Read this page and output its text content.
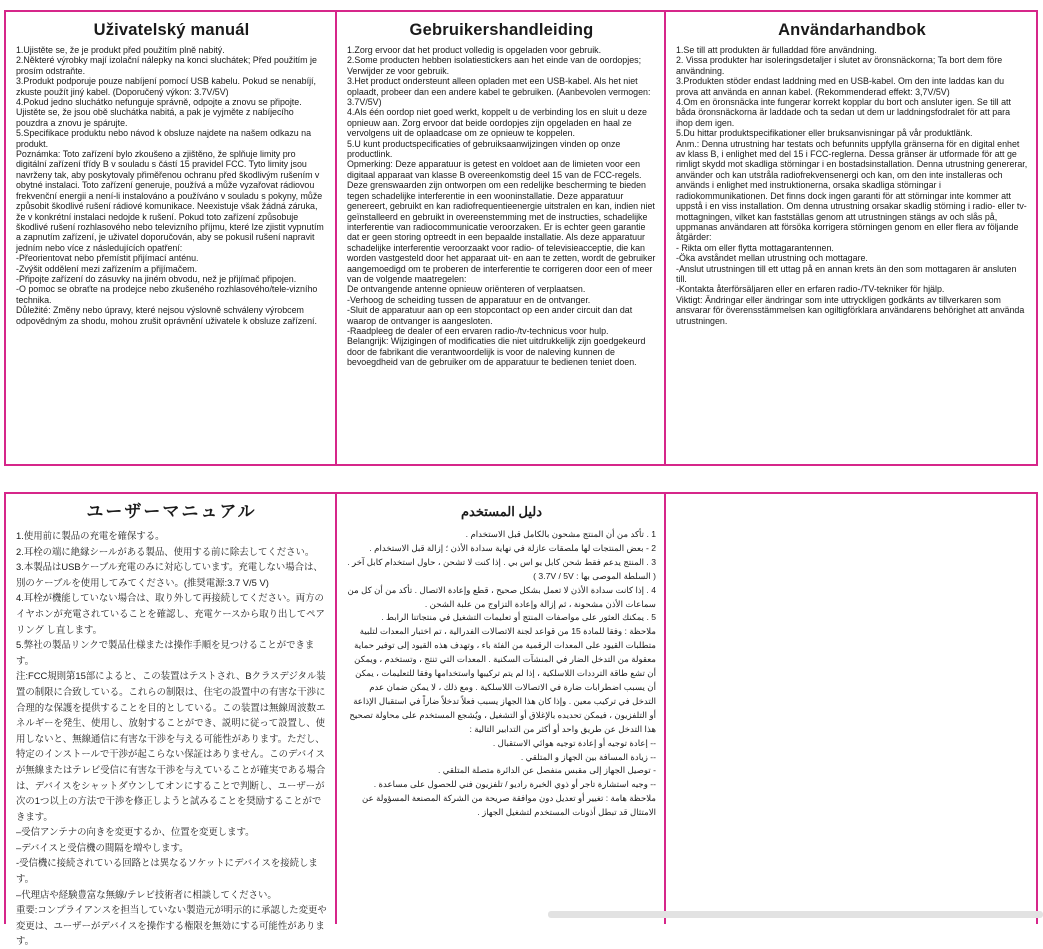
Uživatelský manuál

1.Ujistěte se, že je produkt před použitím plně nabitý.

2.Některé výrobky mají izolační nálepky na konci sluchátek; Před použitím je prosím odstraňte.

3.Produkt podporuje pouze nabíjení pomocí USB kabelu. Pokud se nenabíjí, zkuste použít jiný kabel. (Doporučený výkon: 3.7V/5V)

4.Pokud jedno sluchátko nefunguje správně, odpojte a znovu se připojte. Ujistěte se, že jsou obě sluchátka nabitá, a pak je vyjměte z nabíjecího pouzdra a znovu je spárujte.

5.Specifikace produktu nebo návod k obsluze najdete na našem odkazu na produkt.

Poznámka: Toto zařízení bylo zkoušeno a zjištěno, že splňuje limity pro digitální zařízení třídy B v souladu s částí 15 pravidel FCC. Tyto limity jsou navrženy tak, aby poskytovaly přiměřenou ochranu před škodlivým rušením v obytné instalaci. Toto zařízení generuje, používá a může vyzařovat rádiovou frekvenční energii a není-li instalováno a používáno v souladu s pokyny, může způsobit škodlivé rušení rádiové komunikace. Neexistuje však žádná záruka, že v konkrétní instalaci nedojde k rušení. Pokud toto zařízení způsobuje škodlivé rušení rozhlasového nebo televizního příjmu, které lze zjistit vypnutím a zapnutím zařízení, je uživatel doporučován, aby se pokusil rušení napravit jedním nebo více z následujících opatření:

-Přeorientovat nebo přemístit přijímací anténu.

-Zvýšit oddělení mezi zařízením a přijímačem.

-Připojte zařízení do zásuvky na jiném obvodu, než je přijímač připojen.

-O pomoc se obraťte na prodejce nebo zkušeného rozhlasového/tele-vizního technika.

Důležité: Změny nebo úpravy, které nejsou výslovně schváleny výrobcem odpovědným za shodu, mohou zrušit oprávnění uživatele k obsluze zařízení.

Gebruikershandleiding

1.Zorg ervoor dat het product volledig is opgeladen voor gebruik.

2.Some producten hebben isolatiestickers aan het einde van de oordopjes; Verwijder ze voor gebruik.

3.Het product ondersteunt alleen opladen met een USB-kabel. Als het niet oplaadt, probeer dan een andere kabel te gebruiken. (Aanbevolen vermogen: 3.7V/5V)

4.Als één oordop niet goed werkt, koppelt u de verbinding los en sluit u deze opnieuw aan. Zorg ervoor dat beide oordopjes zijn opgeladen en haal ze vervolgens uit de oplaadcase om ze opnieuw te koppelen.

5.U kunt productspecificaties of gebruiksaanwijzingen vinden op onze productlink.

Opmerking: Deze apparatuur is getest en voldoet aan de limieten voor een digitaal apparaat van klasse B overeenkomstig deel 15 van de FCC-regels. Deze grenswaarden zijn ontworpen om een redelijke bescherming te bieden tegen schadelijke interferentie in een wooninstallatie. Deze apparatuur genereert, gebruikt en kan radiofrequentieenergie uitstralen en kan, indien niet geïnstalleerd en gebruikt in overeenstemming met de instructies, schadelijke interferentie van radiocommunicatie veroorzaken. Er is echter geen garantie dat er geen storing optreedt in een bepaalde installatie. Als deze apparatuur schadelijke interferentie veroorzaakt voor radio- of televisieacceptie, die kan worden vastgesteld door het apparaat uit- en aan te zetten, wordt de gebruiker aangemoedigd om te proberen de interferentie te corrigeren door een of meer van de volgende maatregelen:

De ontvangende antenne opnieuw oriënteren of verplaatsen.

-Verhoog de scheiding tussen de apparatuur en de ontvanger.

-Sluit de apparatuur aan op een stopcontact op een ander circuit dan dat waarop de ontvanger is aangesloten.

-Raadpleeg de dealer of een ervaren radio-/tv-technicus voor hulp.

Belangrijk: Wijzigingen of modificaties die niet uitdrukkelijk zijn goedgekeurd door de fabrikant die verantwoordelijk is voor de naleving kunnen de bevoegdheid van de gebruiker om de apparatuur te bedienen teniet doen.

Användarhandbok

1.Se till att produkten är fulladdad före användning.

2. Vissa produkter har isoleringsdetaljer i slutet av öronsnäckorna; Ta bort dem före användning.

3.Produkten stöder endast laddning med en USB-kabel. Om den inte laddas kan du prova att använda en annan kabel. (Rekommenderad effekt: 3,7V/5V)

4.Om en öronsnäcka inte fungerar korrekt kopplar du bort och ansluter igen. Se till att båda öronsnäckorna är laddade och ta sedan ut dem ur laddningsfodralet för att para ihop dem igen.

5.Du hittar produktspecifikationer eller bruksanvisningar på vår produktlänk.

Anm.: Denna utrustning har testats och befunnits uppfylla gränserna för en digital enhet av klass B, i enlighet med del 15 i FCC-reglerna. Dessa gränser är utformade för att ge rimligt skydd mot skadliga störningar i en bostadsinstallation. Denna utrustning genererar, använder och kan utstråla radiofrekvensenergi och kan, om den inte installeras och används i enlighet med instruktionerna, orsaka skadliga störningar i radiokommunikationen. Det finns dock ingen garanti för att störningar inte kommer att uppstå i en viss installation. Om denna utrustning orsakar skadlig störning i radio- eller tv-mottagningen, vilket kan fastställas genom att utrustningen stängs av och slås på, uppmanas användaren att försöka korrigera störningen genom en eller flera av följande åtgärder:

- Rikta om eller flytta mottagarantennen.

-Öka avståndet mellan utrustning och mottagare.

-Anslut utrustningen till ett uttag på en annan krets än den som mottagaren är ansluten till.

-Kontakta återförsäljaren eller en erfaren radio-/TV-tekniker för hjälp.

Viktigt: Ändringar eller ändringar som inte uttryckligen godkänts av tillverkaren som ansvarar för överensstämmelsen kan ogiltigförklara användarens behörighet att använda utrustningen.

ユーザーマニュアル

1.使用前に製品の充電を確保する。

2.耳栓の端に絶縁シールがある製品、使用する前に除去してください。

3.本製品はUSBケーブル充電のみに対応しています。充電しない場合は、別のケーブルを使用してみてください。(推奨電源:3.7 V/5 V)

4.耳栓が機能していない場合は、取り外して再接続してください。両方のイヤホンが充電されていることを確認し、充電ケースから取り出してペアリング し直します。

5.弊社の製品リンクで製品仕様または操作手順を見つけることができます。

注:FCC規則第15部によると、この装置はテストされ、Bクラスデジタル装置の制限に合致している。これらの制限は、住宅の設置中の有害な干渉に合理的な保護を提供することを目的としている。この装置は無線周波数エネルギーを発生、使用し、放射することができ、説明に従って設置し、使用しないと、無線通信に有害な干渉を与える可能性があります。ただし、特定のインストールで干渉が起こらない保証はありません。このデバイスが無線またはテレビ受信に有害な干渉を与えていることが確実である場合は、デバイスをシャットダウンしてオンにすることで判断し、ユーザーが次の1つ以上の方法で干渉を修正しようと試みることを奨励することができます。

–受信アンテナの向きを変更するか、位置を変更します。

–デバイスと受信機の間隔を増やします。

-受信機に接続されている回路とは異なるソケットにデバイスを接続します。

–代理店や経験豊富な無線/テレビ技術者に相談してください。

重要:コンプライアンスを担当していない製造元が明示的に承認した変更や変更は、ユーザーがデバイスを操作する権限を無効にする可能性があります。

دليل المستخدم

1 . تأكد من أن المنتج مشحون بالكامل قبل الاستخدام .

2 - بعض المنتجات لها ملصقات عازلة في نهاية سدادة الأذن ؛ إزالة قبل الاستخدام .

3 . المنتج يدعم فقط شحن كابل يو اس بي . إذا كنت لا تشحن ، حاول استخدام كابل آخر . ( السلطة الموصى بها : 3.7V / 5V )

4 . إذا كانت سدادة الأذن لا تعمل بشكل صحيح ، قطع وإعادة الاتصال . تأكد من أن كل من سماعات الأذن مشحونة ، ثم إزالة وإعادة التزاوج من علبة الشحن .

5 . يمكنك العثور على مواصفات المنتج أو تعليمات التشغيل في منتجاتنا الرابط .

ملاحظة : وفقا للمادة 15 من قواعد لجنة الاتصالات الفدرالية ، تم اختبار المعدات لتلبية متطلبات القيود على المعدات الرقمية من الفئة باء ، وتهدف هذه القيود إلى توفير حماية معقولة من التدخل الضار في المنشآت السكنية . المعدات التي تنتج ، وتستخدم ، ويمكن أن تشع طاقة الترددات اللاسلكية ، إذا لم يتم تركيبها واستخدامها وفقا للتعليمات ، يمكن أن يسبب اضطرابات ضارة في الاتصالات اللاسلكية . ومع ذلك ، لا يمكن ضمان عدم التدخل في تركيب معين . وإذا كان هذا الجهاز يسبب فعلاً تدخلاً ضاراً في استقبال الإذاعة أو التلفزيون ، فيمكن تحديده بالإغلاق أو التشغيل ، ويُشجع المستخدم على محاولة تصحيح هذا التدخل عن طريق واحد أو أكثر من التدابير التالية :

-- إعادة توجيه أو إعادة توجيه هوائي الاستقبال .

-- زيادة المسافة بين الجهاز و المتلقي .

- توصيل الجهاز إلى مقبس منفصل عن الدائرة متصلة المتلقي .

-- وجيه استشارة تاجر أو ذوي الخبرة راديو / تلفزيون فني للحصول على مساعدة .

ملاحظة هامة : تغيير أو تعديل دون موافقة صريحة من الشركة المصنعة المسؤولة عن الامتثال قد تبطل أذونات المستخدم لتشغيل الجهاز .
